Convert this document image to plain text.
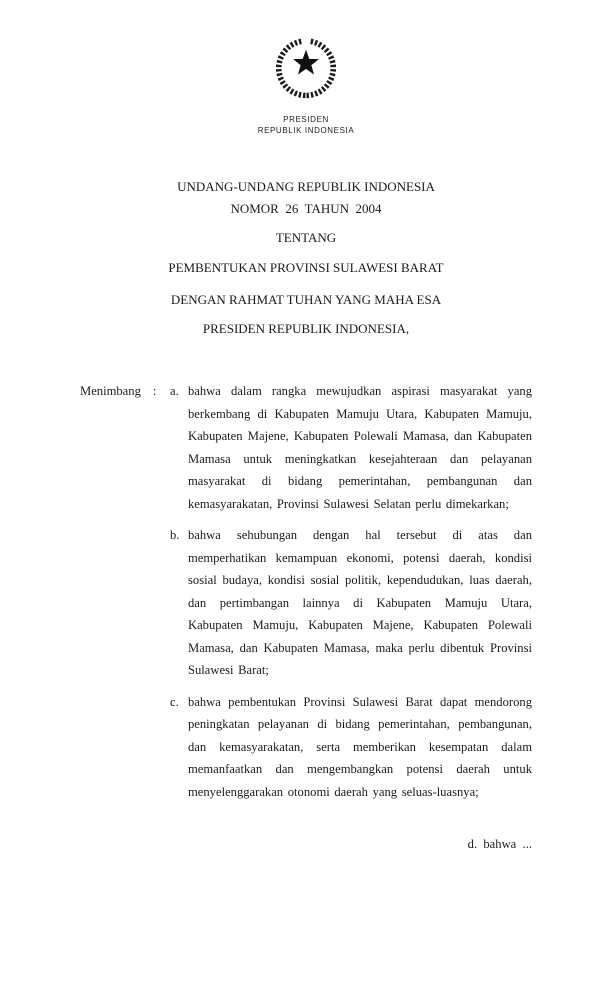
PRESIDEN
REPUBLIK INDONESIA
UNDANG-UNDANG REPUBLIK INDONESIA
NOMOR  26  TAHUN  2004
TENTANG
PEMBENTUKAN PROVINSI SULAWESI BARAT
DENGAN RAHMAT TUHAN YANG MAHA ESA
PRESIDEN REPUBLIK INDONESIA,
Menimbang :	a. bahwa dalam rangka mewujudkan aspirasi masyarakat yang berkembang di Kabupaten Mamuju Utara, Kabupaten Mamuju, Kabupaten Majene, Kabupaten Polewali Mamasa, dan Kabupaten Mamasa untuk meningkatkan kesejahteraan dan pelayanan masyarakat di bidang pemerintahan, pembangunan dan kemasyarakatan, Provinsi Sulawesi Selatan perlu dimekarkan;

b. bahwa sehubungan dengan hal tersebut di atas dan memperhatikan kemampuan ekonomi, potensi daerah, kondisi sosial budaya, kondisi sosial politik, kependudukan, luas daerah, dan pertimbangan lainnya di Kabupaten Mamuju Utara, Kabupaten Mamuju, Kabupaten Majene, Kabupaten Polewali Mamasa, dan Kabupaten Mamasa, maka perlu dibentuk Provinsi Sulawesi Barat;

c. bahwa pembentukan Provinsi Sulawesi Barat dapat mendorong peningkatan pelayanan di bidang pemerintahan, pembangunan, dan kemasyarakatan, serta memberikan kesempatan dalam memanfaatkan dan mengembangkan potensi daerah untuk menyelenggarakan otonomi daerah yang seluas-luasnya;

d.  bahwa  ...
